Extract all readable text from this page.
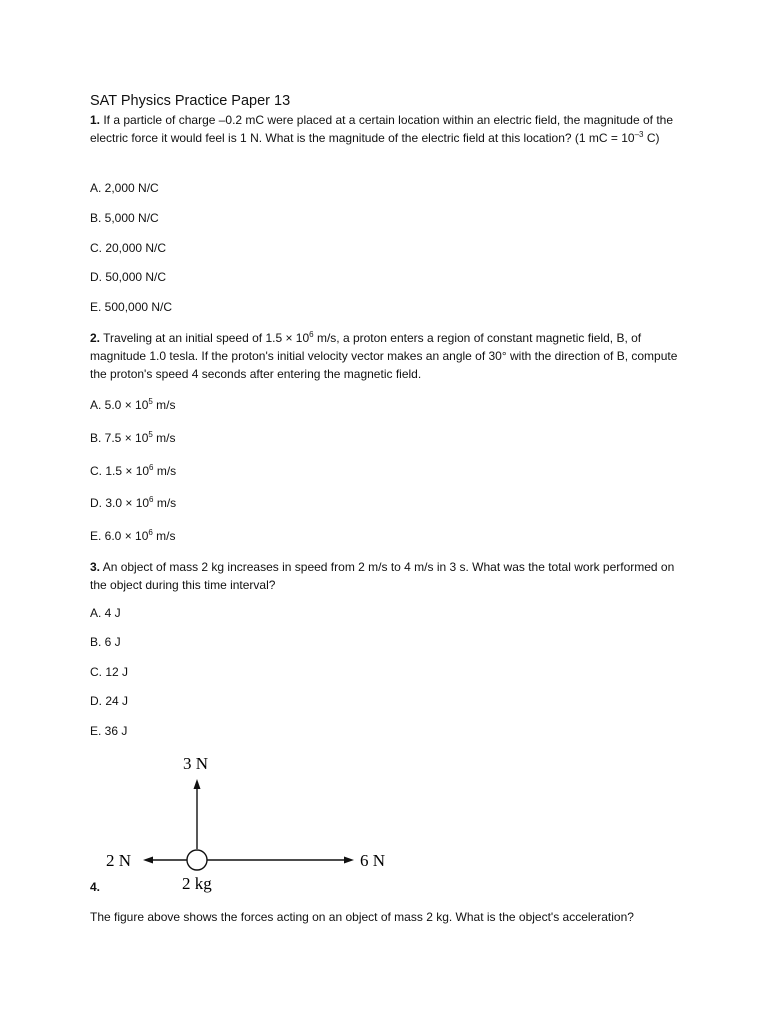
SAT Physics Practice Paper 13
1. If a particle of charge –0.2 mC were placed at a certain location within an electric field, the magnitude of the electric force it would feel is 1 N. What is the magnitude of the electric field at this location? (1 mC = $10^{-3}$ C)
A. 2,000 N/C
B. 5,000 N/C
C. 20,000 N/C
D. 50,000 N/C
E. 500,000 N/C
2. Traveling at an initial speed of $1.5 \times 10^6$ m/s, a proton enters a region of constant magnetic field, B, of magnitude 1.0 tesla. If the proton's initial velocity vector makes an angle of 30° with the direction of B, compute the proton's speed 4 seconds after entering the magnetic field.
A. $5.0 \times 10^5$ m/s
B. $7.5 \times 10^5$ m/s
C. $1.5 \times 10^6$ m/s
D. $3.0 \times 10^6$ m/s
E. $6.0 \times 10^6$ m/s
3. An object of mass 2 kg increases in speed from 2 m/s to 4 m/s in 3 s. What was the total work performed on the object during this time interval?
A. 4 J
B. 6 J
C. 12 J
D. 24 J
E. 36 J
3 N
2 N	6 N
2 kg
4.
The figure above shows the forces acting on an object of mass 2 kg. What is the object's acceleration?
